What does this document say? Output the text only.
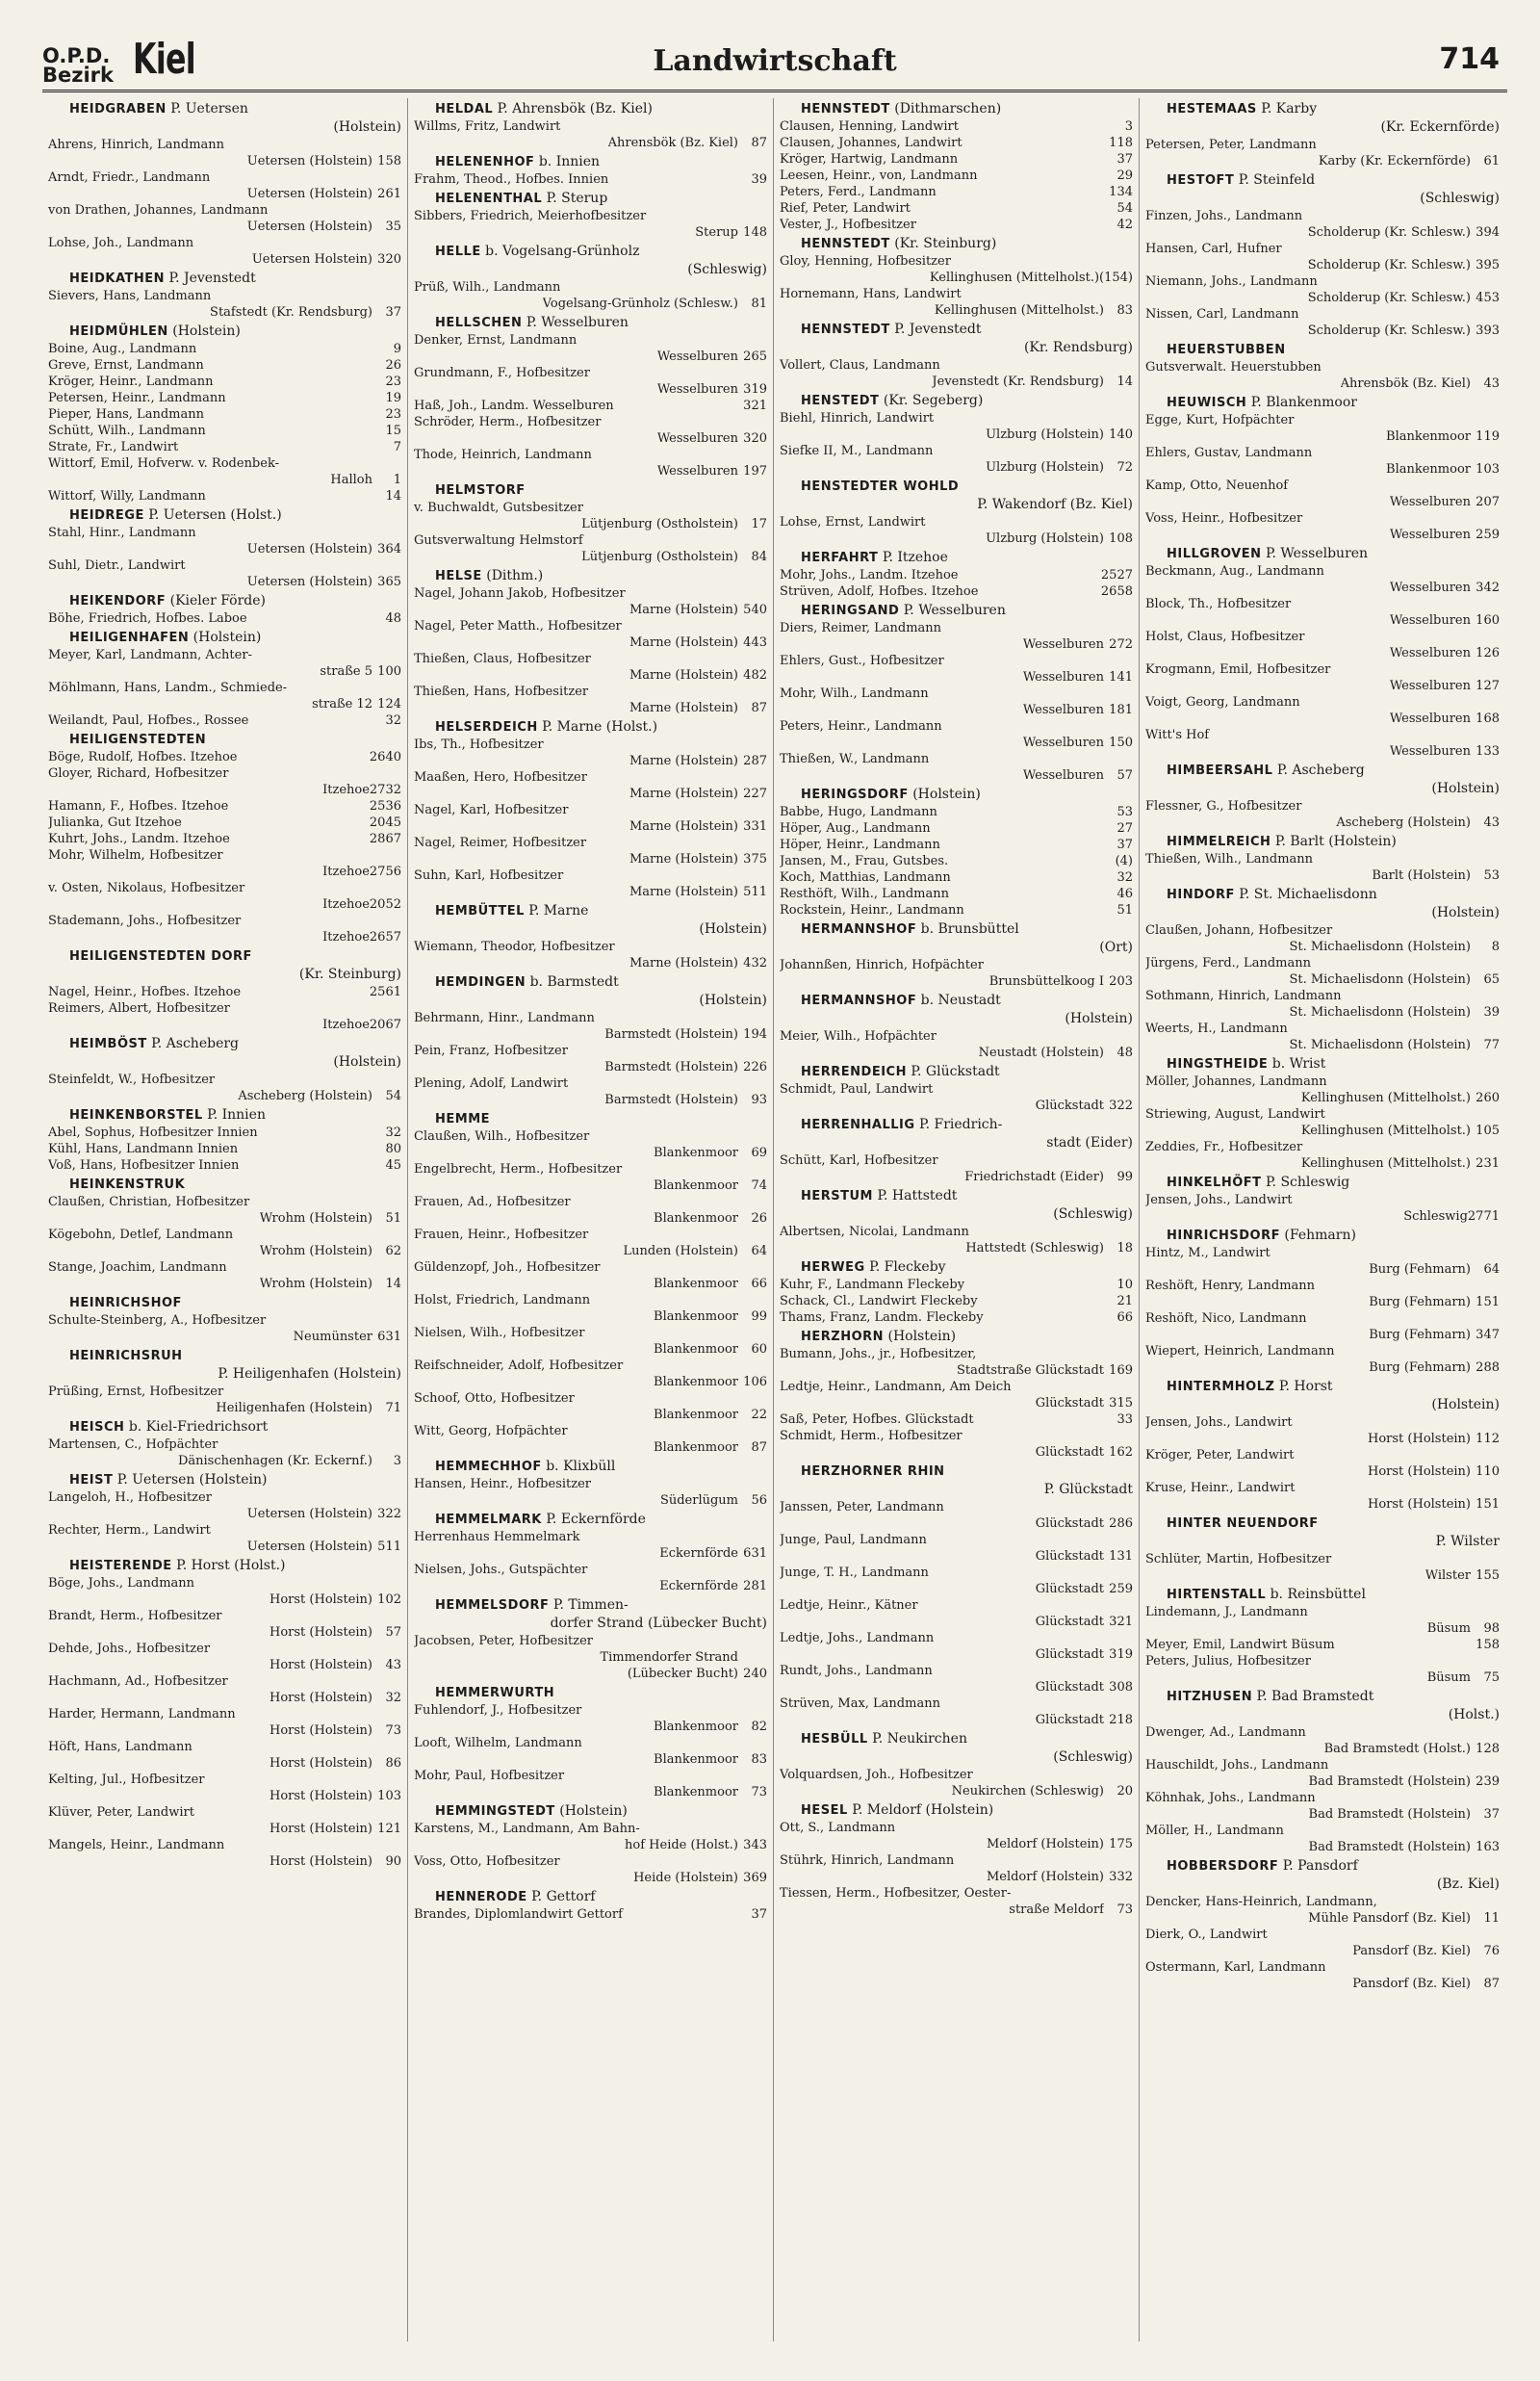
O.P.D.
Bezirk Kiel	Landwirtschaft	714
HEIDGRABEN P. Uetersen
(Holstein)
Ahrens, Hinrich, Landmann
Uetersen (Holstein) 158
Arndt, Friedr., Landmann
Uetersen (Holstein) 261
von Drathen, Johannes, Landmann
Uetersen (Holstein)	35
Lohse, Joh., Landmann
Uetersen Holstein) 320
HEIDKATHEN P. Jevenstedt
Sievers, Hans, Landmann
Stafstedt (Kr. Rendsburg)	37
HEIDMÜHLEN (Holstein)
Boine, Aug., Landmann	9
Greve, Ernst, Landmann	26
Kröger, Heinr., Landmann	23
Petersen, Heinr., Landmann	19
Pieper, Hans, Landmann	23
Schütt, Wilh., Landmann	15
Strate, Fr., Landwirt	7
Wittorf, Emil, Hofverw. v. Rodenbek-
Halloh	1
Wittorf, Willy, Landmann	14
HEIDREGE P. Uetersen (Holst.)
Stahl, Hinr., Landmann
Uetersen (Holstein) 364
Suhl, Dietr., Landwirt
Uetersen (Holstein) 365
HEIKENDORF (Kieler Förde)
Böhe, Friedrich, Hofbes. Laboe	48
HEILIGENHAFEN (Holstein)
Meyer, Karl, Landmann, Achter-
straße 5 100
Möhlmann, Hans, Landm., Schmiede-
straße 12 124
Weilandt, Paul, Hofbes., Rossee	32
HEILIGENSTEDTEN
Böge, Rudolf, Hofbes. Itzehoe	2640
Gloyer, Richard, Hofbesitzer
Itzehoe 2732
Hamann, F., Hofbes. Itzehoe	2536
Julianka, Gut Itzehoe	2045
Kuhrt, Johs., Landm. Itzehoe	2867
Mohr, Wilhelm, Hofbesitzer
Itzehoe 2756
v. Osten, Nikolaus, Hofbesitzer
Itzehoe 2052
Stademann, Johs., Hofbesitzer
Itzehoe 2657
HEILIGENSTEDTEN DORF
(Kr. Steinburg)
Nagel, Heinr., Hofbes. Itzehoe	2561
Reimers, Albert, Hofbesitzer
Itzehoe 2067
HEIMBÖST P. Ascheberg
(Holstein)
Steinfeldt, W., Hofbesitzer
Ascheberg (Holstein)	54
HEINKENBORSTEL P. Innien
Abel, Sophus, Hofbesitzer Innien	32
Kühl, Hans, Landmann Innien	80
Voß, Hans, Hofbesitzer Innien	45
HEINKENSTRUK
Claußen, Christian, Hofbesitzer
Wrohm (Holstein)	51
Kögebohn, Detlef, Landmann
Wrohm (Holstein)	62
Stange, Joachim, Landmann
Wrohm (Holstein)	14
HEINRICHSHOF
Schulte-Steinberg, A., Hofbesitzer
Neumünster 631
HEINRICHSRUH
P. Heiligenhafen (Holstein)
Prüßing, Ernst, Hofbesitzer
Heiligenhafen (Holstein)	71
HEISCH b. Kiel-Friedrichsort
Martensen, C., Hofpächter
Dänischenhagen (Kr. Eckernf.)	3
HEIST P. Uetersen (Holstein)
Langeloh, H., Hofbesitzer
Uetersen (Holstein) 322
Rechter, Herm., Landwirt
Uetersen (Holstein) 511
HEISTERENDE P. Horst (Holst.)
Böge, Johs., Landmann
Horst (Holstein) 102
Brandt, Herm., Hofbesitzer
Horst (Holstein)	57
Dehde, Johs., Hofbesitzer
Horst (Holstein)	43
Hachmann, Ad., Hofbesitzer
Horst (Holstein)	32
Harder, Hermann, Landmann
Horst (Holstein)	73
Höft, Hans, Landmann
Horst (Holstein)	86
Kelting, Jul., Hofbesitzer
Horst (Holstein) 103
Klüver, Peter, Landwirt
Horst (Holstein) 121
Mangels, Heinr., Landmann
Horst (Holstein)	90
HELDAL P. Ahrensbök (Bz. Kiel)
Willms, Fritz, Landwirt
Ahrensbök (Bz. Kiel)	87
HELENENHOF b. Innien
Frahm, Theod., Hofbes. Innien	39
HELENENTHAL P. Sterup
Sibbers, Friedrich, Meierhofbesitzer
Sterup 148
HELLE b. Vogelsang-Grünholz
(Schleswig)
Prüß, Wilh., Landmann
Vogelsang-Grünholz (Schlesw.)	81
HELLSCHEN P. Wesselburen
Denker, Ernst, Landmann
Wesselburen 265
Grundmann, F., Hofbesitzer
Wesselburen 319
Haß, Joh., Landm. Wesselburen	321
Schröder, Herm., Hofbesitzer
Wesselburen 320
Thode, Heinrich, Landmann
Wesselburen 197
HELMSTORF
v. Buchwaldt, Gutsbesitzer
Lütjenburg (Ostholstein)	17
Gutsverwaltung Helmstorf
Lütjenburg (Ostholstein)	84
HELSE (Dithm.)
Nagel, Johann Jakob, Hofbesitzer
Marne (Holstein) 540
Nagel, Peter Matth., Hofbesitzer
Marne (Holstein) 443
Thießen, Claus, Hofbesitzer
Marne (Holstein) 482
Thießen, Hans, Hofbesitzer
Marne (Holstein)	87
HELSERDEICH P. Marne (Holst.)
Ibs, Th., Hofbesitzer
Marne (Holstein) 287
Maaßen, Hero, Hofbesitzer
Marne (Holstein) 227
Nagel, Karl, Hofbesitzer
Marne (Holstein) 331
Nagel, Reimer, Hofbesitzer
Marne (Holstein) 375
Suhn, Karl, Hofbesitzer
Marne (Holstein) 511
HEMBÜTTEL P. Marne
(Holstein)
Wiemann, Theodor, Hofbesitzer
Marne (Holstein) 432
HEMDINGEN b. Barmstedt
(Holstein)
Behrmann, Hinr., Landmann
Barmstedt (Holstein) 194
Pein, Franz, Hofbesitzer
Barmstedt (Holstein) 226
Plening, Adolf, Landwirt
Barmstedt (Holstein)	93
HEMME
Claußen, Wilh., Hofbesitzer
Blankenmoor	69
Engelbrecht, Herm., Hofbesitzer
Blankenmoor	74
Frauen, Ad., Hofbesitzer
Blankenmoor	26
Frauen, Heinr., Hofbesitzer
Lunden (Holstein)	64
Güldenzopf, Joh., Hofbesitzer
Blankenmoor	66
Holst, Friedrich, Landmann
Blankenmoor	99
Nielsen, Wilh., Hofbesitzer
Blankenmoor	60
Reifschneider, Adolf, Hofbesitzer
Blankenmoor 106
Schoof, Otto, Hofbesitzer
Blankenmoor	22
Witt, Georg, Hofpächter
Blankenmoor	87
HEMMECHHOF b. Klixbüll
Hansen, Heinr., Hofbesitzer
Süderlügum	56
HEMMELMARK P. Eckernförde
Herrenhaus Hemmelmark
Eckernförde 631
Nielsen, Johs., Gutspächter
Eckernförde 281
HEMMELSDORF P. Timmen-
dorfer Strand (Lübecker Bucht)
Jacobsen, Peter, Hofbesitzer
Timmendorfer Strand
(Lübecker Bucht) 240
HEMMERWURTH
Fuhlendorf, J., Hofbesitzer
Blankenmoor	82
Looft, Wilhelm, Landmann
Blankenmoor	83
Mohr, Paul, Hofbesitzer
Blankenmoor	73
HEMMINGSTEDT (Holstein)
Karstens, M., Landmann, Am Bahn-
hof Heide (Holst.) 343
Voss, Otto, Hofbesitzer
Heide (Holstein) 369
HENNERODE P. Gettorf
Brandes, Diplomlandwirt Gettorf	37
HENNSTEDT (Dithmarschen)
Clausen, Henning, Landwirt	3
Clausen, Johannes, Landwirt	118
Kröger, Hartwig, Landmann	37
Leesen, Heinr., von, Landmann	29
Peters, Ferd., Landmann	134
Rief, Peter, Landwirt	54
Vester, J., Hofbesitzer	42
HENNSTEDT (Kr. Steinburg)
Gloy, Henning, Hofbesitzer
Kellinghusen (Mittelholst.) (154)
Hornemann, Hans, Landwirt
Kellinghusen (Mittelholst.)	83
HENNSTEDT P. Jevenstedt
(Kr. Rendsburg)
Vollert, Claus, Landmann
Jevenstedt (Kr. Rendsburg)	14
HENSTEDT (Kr. Segeberg)
Biehl, Hinrich, Landwirt
Ulzburg (Holstein) 140
Siefke II, M., Landmann
Ulzburg (Holstein)	72
HENSTEDTER WOHLD
P. Wakendorf (Bz. Kiel)
Lohse, Ernst, Landwirt
Ulzburg (Holstein) 108
HERFAHRT P. Itzehoe
Mohr, Johs., Landm. Itzehoe	2527
Strüven, Adolf, Hofbes. Itzehoe	2658
HERINGSAND P. Wesselburen
Diers, Reimer, Landmann
Wesselburen 272
Ehlers, Gust., Hofbesitzer
Wesselburen 141
Mohr, Wilh., Landmann
Wesselburen 181
Peters, Heinr., Landmann
Wesselburen 150
Thießen, W., Landmann
Wesselburen	57
HERINGSDORF (Holstein)
Babbe, Hugo, Landmann	53
Höper, Aug., Landmann	27
Höper, Heinr., Landmann	37
Jansen, M., Frau, Gutsbes.	(4)
Koch, Matthias, Landmann	32
Resthöft, Wilh., Landmann	46
Rockstein, Heinr., Landmann	51
HERMANNSHOF b. Brunsbüttel
(Ort)
Johannßen, Hinrich, Hofpächter
Brunsbüttelkoog I 203
HERMANNSHOF b. Neustadt
(Holstein)
Meier, Wilh., Hofpächter
Neustadt (Holstein)	48
HERRENDEICH P. Glückstadt
Schmidt, Paul, Landwirt
Glückstadt 322
HERRENHALLIG P. Friedrich-
stadt (Eider)
Schütt, Karl, Hofbesitzer
Friedrichstadt (Eider)	99
HERSTUM P. Hattstedt
(Schleswig)
Albertsen, Nicolai, Landmann
Hattstedt (Schleswig)	18
HERWEG P. Fleckeby
Kuhr, F., Landmann Fleckeby	10
Schack, Cl., Landwirt Fleckeby	21
Thams, Franz, Landm. Fleckeby	66
HERZHORN (Holstein)
Bumann, Johs., jr., Hofbesitzer,
Stadtstraße Glückstadt 169
Ledtje, Heinr., Landmann, Am Deich
Glückstadt 315
Saß, Peter, Hofbes. Glückstadt	33
Schmidt, Herm., Hofbesitzer
Glückstadt 162
HERZHORNER RHIN
P. Glückstadt
Janssen, Peter, Landmann
Glückstadt 286
Junge, Paul, Landmann
Glückstadt 131
Junge, T. H., Landmann
Glückstadt 259
Ledtje, Heinr., Kätner
Glückstadt 321
Ledtje, Johs., Landmann
Glückstadt 319
Rundt, Johs., Landmann
Glückstadt 308
Strüven, Max, Landmann
Glückstadt 218
HESBÜLL P. Neukirchen
(Schleswig)
Volquardsen, Joh., Hofbesitzer
Neukirchen (Schleswig)	20
HESEL P. Meldorf (Holstein)
Ott, S., Landmann
Meldorf (Holstein) 175
Stührk, Hinrich, Landmann
Meldorf (Holstein) 332
Tiessen, Herm., Hofbesitzer, Oester-
straße Meldorf	73
HESTEMAAS P. Karby
(Kr. Eckernförde)
Petersen, Peter, Landmann
Karby (Kr. Eckernförde)	61
HESTOFT P. Steinfeld
(Schleswig)
Finzen, Johs., Landmann
Scholderup (Kr. Schlesw.) 394
Hansen, Carl, Hufner
Scholderup (Kr. Schlesw.) 395
Niemann, Johs., Landmann
Scholderup (Kr. Schlesw.) 453
Nissen, Carl, Landmann
Scholderup (Kr. Schlesw.) 393
HEUERSTUBBEN
Gutsverwalt. Heuerstubben
Ahrensbök (Bz. Kiel)	43
HEUWISCH P. Blankenmoor
Egge, Kurt, Hofpächter
Blankenmoor 119
Ehlers, Gustav, Landmann
Blankenmoor 103
Kamp, Otto, Neuenhof
Wesselburen 207
Voss, Heinr., Hofbesitzer
Wesselburen 259
HILLGROVEN P. Wesselburen
Beckmann, Aug., Landmann
Wesselburen 342
Block, Th., Hofbesitzer
Wesselburen 160
Holst, Claus, Hofbesitzer
Wesselburen 126
Krogmann, Emil, Hofbesitzer
Wesselburen 127
Voigt, Georg, Landmann
Wesselburen 168
Witt's Hof
Wesselburen 133
HIMBEERSAHL P. Ascheberg
(Holstein)
Flessner, G., Hofbesitzer
Ascheberg (Holstein)	43
HIMMELREICH P. Barlt (Holstein)
Thießen, Wilh., Landmann
Barlt (Holstein)	53
HINDORF P. St. Michaelisdonn
(Holstein)
Claußen, Johann, Hofbesitzer
St. Michaelisdonn (Holstein)	8
Jürgens, Ferd., Landmann
St. Michaelisdonn (Holstein)	65
Sothmann, Hinrich, Landmann
St. Michaelisdonn (Holstein)	39
Weerts, H., Landmann
St. Michaelisdonn (Holstein)	77
HINGSTHEIDE b. Wrist
Möller, Johannes, Landmann
Kellinghusen (Mittelholst.) 260
Striewing, August, Landwirt
Kellinghusen (Mittelholst.) 105
Zeddies, Fr., Hofbesitzer
Kellinghusen (Mittelholst.) 231
HINKELHÖFT P. Schleswig
Jensen, Johs., Landwirt
Schleswig 2771
HINRICHSDORF (Fehmarn)
Hintz, M., Landwirt
Burg (Fehmarn)	64
Reshöft, Henry, Landmann
Burg (Fehmarn) 151
Reshöft, Nico, Landmann
Burg (Fehmarn) 347
Wiepert, Heinrich, Landmann
Burg (Fehmarn) 288
HINTERMHOLZ P. Horst
(Holstein)
Jensen, Johs., Landwirt
Horst (Holstein) 112
Kröger, Peter, Landwirt
Horst (Holstein) 110
Kruse, Heinr., Landwirt
Horst (Holstein) 151
HINTER NEUENDORF
P. Wilster
Schlüter, Martin, Hofbesitzer
Wilster 155
HIRTENSTALL b. Reinsbüttel
Lindemann, J., Landmann
Büsum	98
Meyer, Emil, Landwirt Büsum	158
Peters, Julius, Hofbesitzer
Büsum	75
HITZHUSEN P. Bad Bramstedt
(Holst.)
Dwenger, Ad., Landmann
Bad Bramstedt (Holst.) 128
Hauschildt, Johs., Landmann
Bad Bramstedt (Holstein) 239
Köhnhak, Johs., Landmann
Bad Bramstedt (Holstein)	37
Möller, H., Landmann
Bad Bramstedt (Holstein) 163
HOBBERSDORF P. Pansdorf
(Bz. Kiel)
Dencker, Hans-Heinrich, Landmann,
Mühle Pansdorf (Bz. Kiel)	11
Dierk, O., Landwirt
Pansdorf (Bz. Kiel)	76
Ostermann, Karl, Landmann
Pansdorf (Bz. Kiel)	87
